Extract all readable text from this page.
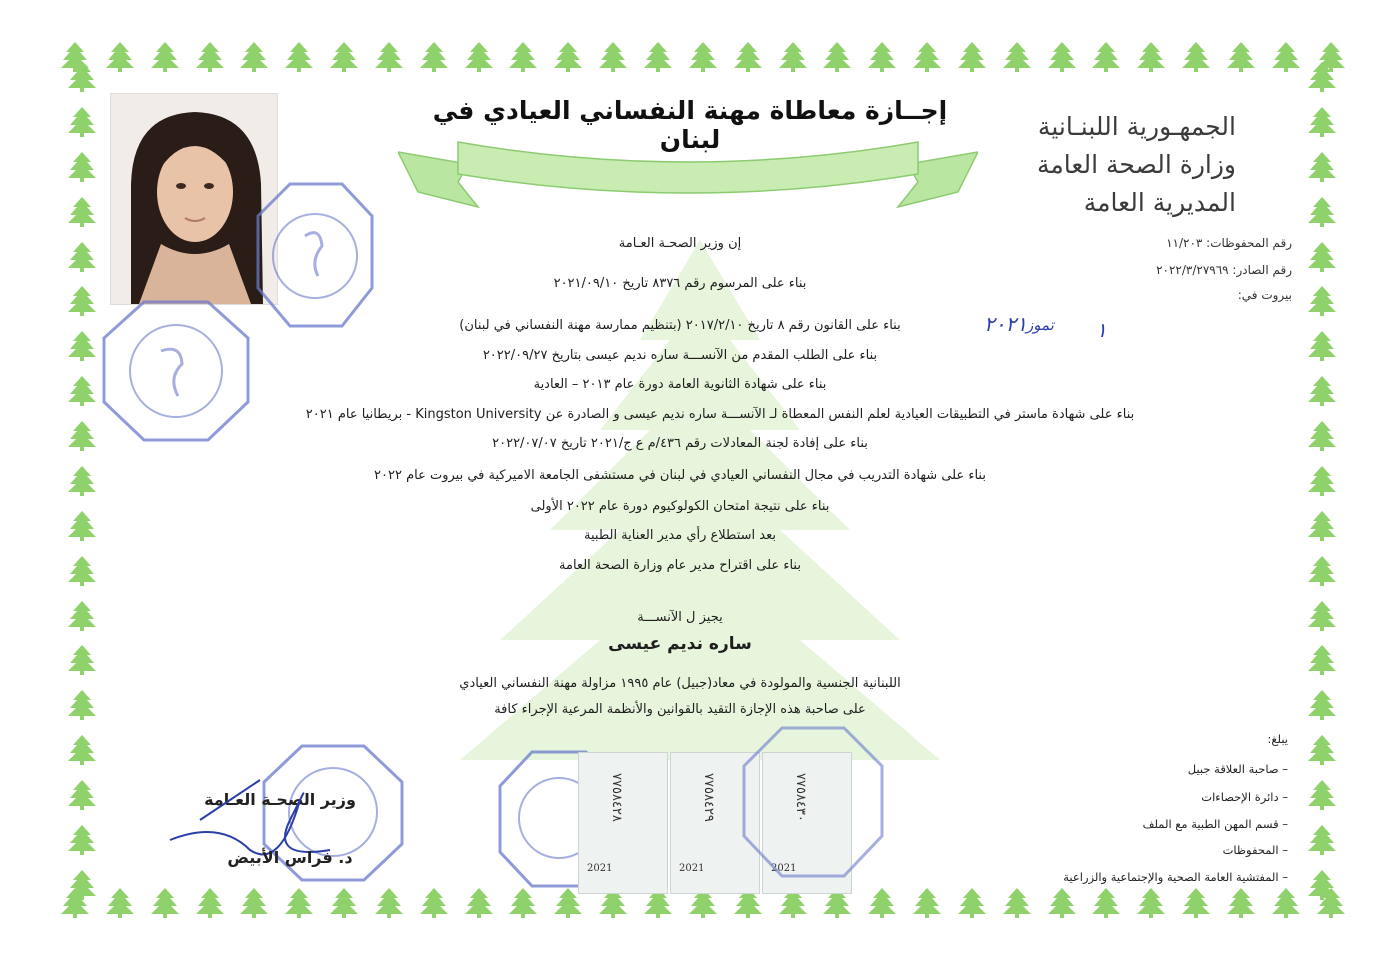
إجــازة معاطاة مهنة النفساني العيادي في لبنان	الجمهـورية اللبنـانية
وزارة الصحة العامة
المديرية العامة
رقم المحفوظات: ١١/٢٠٣
رقم الصادر: ٢٠٢٢/٣/٢٧٩٦٩
بيروت في:
١
تموز
٢٠٢١
إن وزير الصحـة العـامة
بناء على المرسوم رقم ٨٣٧٦ تاريخ ٢٠٢١/٠٩/١٠
بناء على القانون رقم ٨ تاريخ ٢٠١٧/٢/١٠ (بتنظيم ممارسة مهنة النفساني في لبنان)
بناء على الطلب المقدم من الآنســـة ساره نديم عيسى بتاريخ ٢٠٢٢/٠٩/٢٧
بناء على شهادة الثانوية العامة دورة عام ٢٠١٣ – العادية
بناء على شهادة ماستر في التطبيقات العيادية لعلم النفس المعطاة لـ الآنســـة ساره نديم عيسى و الصادرة عن Kingston University - بريطانيا عام ٢٠٢١
بناء على إفادة لجنة المعادلات رقم ٤٣٦/م ع ج/٢٠٢١ تاريخ ٢٠٢٢/٠٧/٠٧
بناء على شهادة التدريب في مجال النفساني العيادي في لبنان في مستشفى الجامعة الاميركية في بيروت عام ٢٠٢٢
بناء على نتيجة امتحان الكولوكيوم دورة عام ٢٠٢٢ الأولى
بعد استطلاع رأي مدير العناية الطبية
بناء على اقتراح مدير عام وزارة الصحة العامة
يجيز ل الآنســـة
ساره نديم عيسى
اللبنانية الجنسية والمولودة في معاد(جبيل) عام ١٩٩٥ مزاولة مهنة النفساني العيادي
على صاحبة هذه الإجازة التقيد بالقوانين والأنظمة المرعية الإجراء كافة
يبلغ:
– صاحبة العلاقة جبيل
– دائرة الإحصاءات
– قسم المهن الطبية مع الملف
– المحفوظات
– المفتشية العامة الصحية والإجتماعية والزراعية
٧٧٥٨٤٢٨
2021
٧٧٥٨٤٢٩
2021
٧٧٥٨٤٣٠
2021
وزير الصحـة العـامة
د. فراس الأبيض
